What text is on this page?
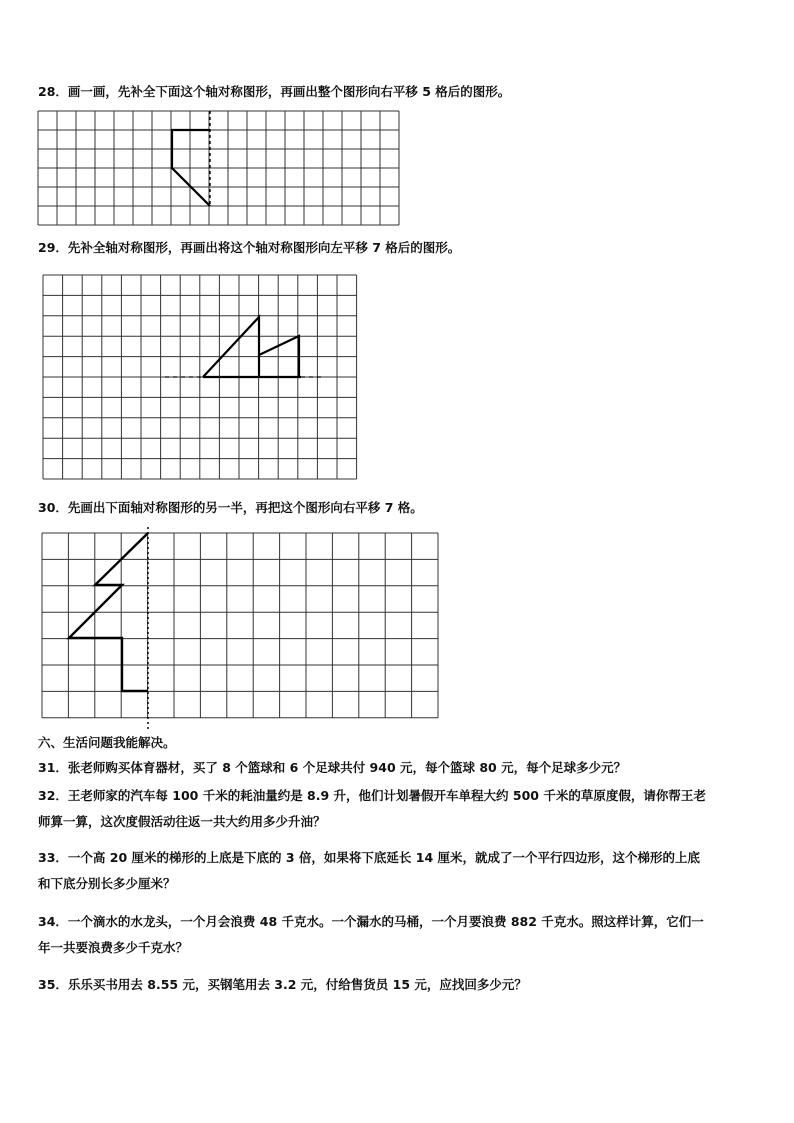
28．画一画，先补全下面这个轴对称图形，再画出整个图形向右平移 5 格后的图形。
29．先补全轴对称图形，再画出将这个轴对称图形向左平移 7 格后的图形。
30．先画出下面轴对称图形的另一半，再把这个图形向右平移 7 格。
六、生活问题我能解决。
31．张老师购买体育器材，买了 8 个篮球和 6 个足球共付 940 元，每个篮球 80 元，每个足球多少元？
32．王老师家的汽车每 100 千米的耗油量约是 8.9 升，他们计划暑假开车单程大约 500 千米的草原度假，请你帮王老
师算一算，这次度假活动往返一共大约用多少升油？
33．一个高 20 厘米的梯形的上底是下底的 3 倍，如果将下底延长 14 厘米，就成了一个平行四边形，这个梯形的上底
和下底分别长多少厘米？
34．一个滴水的水龙头，一个月会浪费 48 千克水。一个漏水的马桶，一个月要浪费 882 千克水。照这样计算，它们一
年一共要浪费多少千克水？
35．乐乐买书用去 8.55 元，买钢笔用去 3.2 元，付给售货员 15 元，应找回多少元？
